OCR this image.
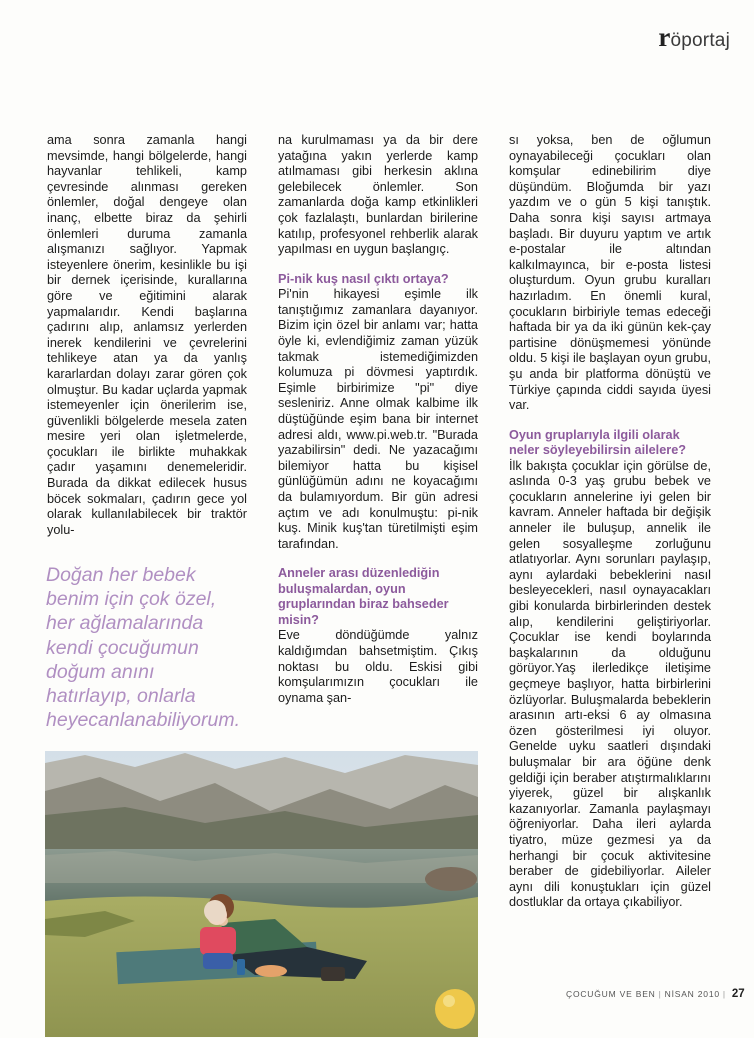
röportaj

ama sonra zamanla hangi mevsimde, hangi bölgelerde, hangi hayvanlar tehlikeli, kamp çevresinde alınması gereken önlemler, doğal dengeye olan inanç, elbette biraz da şehirli önlemleri duruma zamanla alışmanızı sağlıyor. Yapmak isteyenlere önerim, kesinlikle bu işi bir dernek içerisinde, kurallarına göre ve eğitimini alarak yapmalarıdır. Kendi başlarına çadırını alıp, anlamsız yerlerden inerek kendilerini ve çevrelerini tehlikeye atan ya da yanlış kararlardan dolayı zarar gören çok olmuştur. Bu kadar uçlarda yapmak istemeyenler için önerilerim ise, güvenlikli bölgelerde mesela zaten mesire yeri olan işletmelerde, çocukları ile birlikte muhakkak çadır yaşamını denemeleridir. Burada da dikkat edilecek husus böcek sokmaları, çadırın gece yol olarak kullanılabilecek bir traktör yolu-

Doğan her bebek
benim için çok özel,
her ağlamalarında
kendi çocuğumun
doğum anını
hatırlayıp, onlarla
heyecanlanabiliyorum.

na kurulmaması ya da bir dere yatağına yakın yerlerde kamp atılmaması gibi herkesin aklına gelebilecek önlemler. Son zamanlarda doğa kamp etkinlikleri çok fazlalaştı, bunlardan birilerine katılıp, profesyonel rehberlik alarak yapılması en uygun başlangıç.

Pi-nik kuş nasıl çıktı ortaya?

Pi'nin hikayesi eşimle ilk tanıştığımız zamanlara dayanıyor. Bizim için özel bir anlamı var; hatta öyle ki, evlendiğimiz zaman yüzük takmak istemediğimizden kolumuza pi dövmesi yaptırdık. Eşimle birbirimize "pi" diye sesleniriz. Anne olmak kalbime ilk düştüğünde eşim bana bir internet adresi aldı, www.pi.web.tr. "Burada yazabilirsin" dedi. Ne yazacağımı bilemiyor hatta bu kişisel günlüğümün adını ne koyacağımı da bulamıyordum. Bir gün adresi açtım ve adı konulmuştu: pi-nik kuş. Minik kuş'tan türetilmişti eşim tarafından.

Anneler arası düzenlediğin buluşmalardan, oyun gruplarından biraz bahseder misin?

Eve döndüğümde yalnız kaldığımdan bahsetmiştim. Çıkış noktası bu oldu. Eskisi gibi komşularımızın çocukları ile oynama şan-

sı yoksa, ben de oğlumun oynayabileceği çocukları olan komşular edinebilirim diye düşündüm. Bloğumda bir yazı yazdım ve o gün 5 kişi tanıştık. Daha sonra kişi sayısı artmaya başladı. Bir duyuru yaptım ve artık e-postalar ile altından kalkılmayınca, bir e-posta listesi oluşturdum. Oyun grubu kuralları hazırladım. En önemli kural, çocukların birbiriyle temas edeceği haftada bir ya da iki günün kek-çay partisine dönüşmemesi yönünde oldu. 5 kişi ile başlayan oyun grubu, şu anda bir platforma dönüştü ve Türkiye çapında ciddi sayıda üyesi var.

Oyun gruplarıyla ilgili olarak neler söyleyebilirsin ailelere?

İlk bakışta çocuklar için görülse de, aslında 0-3 yaş grubu bebek ve çocukların annelerine iyi gelen bir kavram. Anneler haftada bir değişik anneler ile buluşup, annelik ile gelen sosyalleşme zorluğunu atlatıyorlar. Aynı sorunları paylaşıp, aynı aylardaki bebeklerini nasıl besleyecekleri, nasıl oynayacakları gibi konularda birbirlerinden destek alıp, kendilerini geliştiriyorlar. Çocuklar ise kendi boylarında başkalarının da olduğunu görüyor.Yaş ilerledikçe iletişime geçmeye başlıyor, hatta birbirlerini özlüyorlar. Buluşmalarda bebeklerin arasının artı-eksi 6 ay olmasına özen gösterilmesi iyi oluyor. Genelde uyku saatleri dışındaki buluşmalar bir ara öğüne denk geldiği için beraber atıştırmalıklarını yiyerek, güzel bir alışkanlık kazanıyorlar. Zamanla paylaşmayı öğreniyorlar. Daha ileri aylarda tiyatro, müze gezmesi ya da herhangi bir çocuk aktivitesine beraber de gidebiliyorlar. Aileler aynı dili konuştukları için güzel dostluklar da ortaya çıkabiliyor.

ÇOCUĞUM VE BEN | NİSAN 2010 | 27
